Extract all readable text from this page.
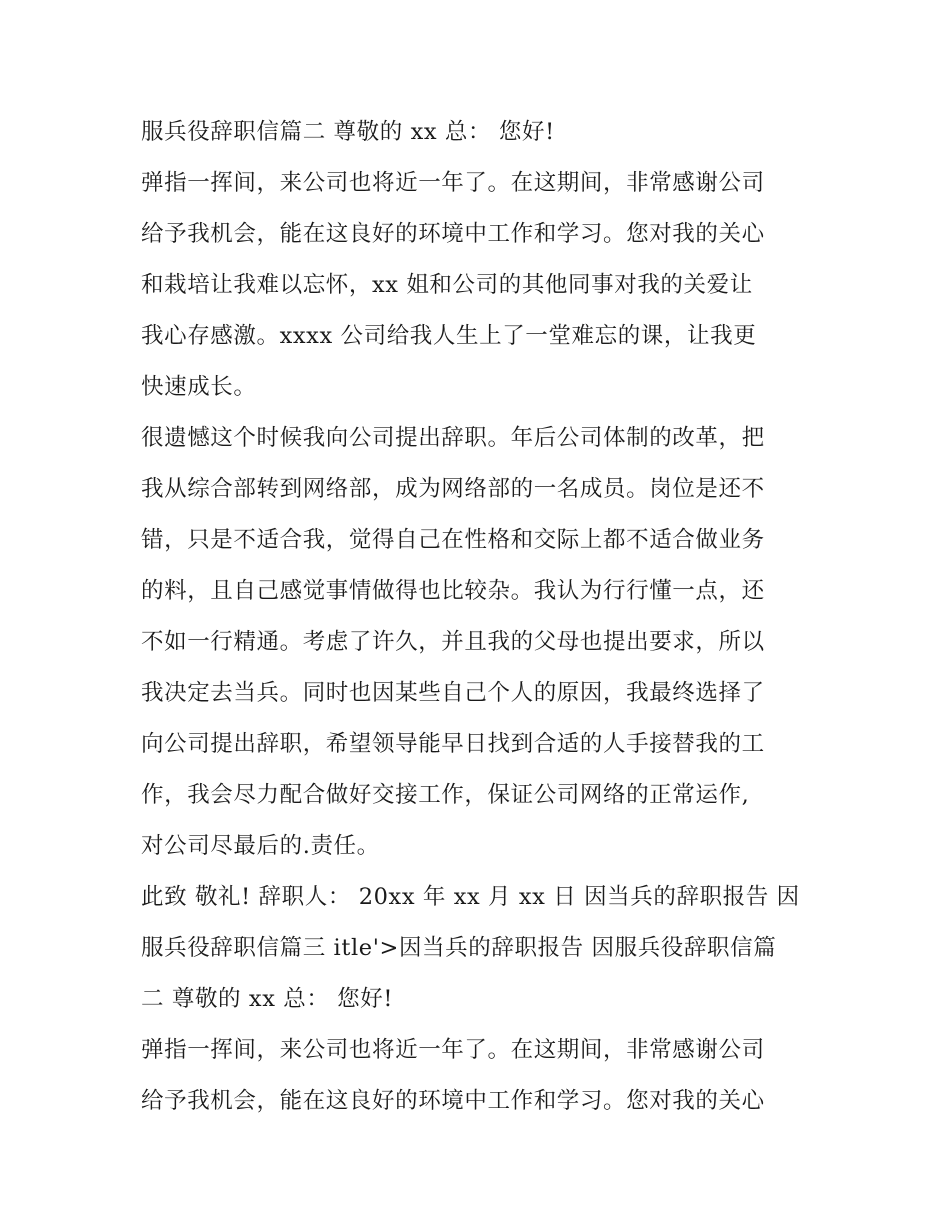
服兵役辞职信篇二 尊敬的 xx 总： 您好!
弹指一挥间，来公司也将近一年了。在这期间，非常感谢公司
给予我机会，能在这良好的环境中工作和学习。您对我的关心
和栽培让我难以忘怀，xx 姐和公司的其他同事对我的关爱让
我心存感激。xxxx 公司给我人生上了一堂难忘的课，让我更
快速成长。
很遗憾这个时候我向公司提出辞职。年后公司体制的改革，把
我从综合部转到网络部，成为网络部的一名成员。岗位是还不
错，只是不适合我，觉得自己在性格和交际上都不适合做业务
的料，且自己感觉事情做得也比较杂。我认为行行懂一点，还
不如一行精通。考虑了许久，并且我的父母也提出要求，所以
我决定去当兵。同时也因某些自己个人的原因，我最终选择了
向公司提出辞职，希望领导能早日找到合适的人手接替我的工
作，我会尽力配合做好交接工作，保证公司网络的正常运作,
对公司尽最后的.责任。
此致 敬礼! 辞职人： 20xx 年 xx 月 xx 日 因当兵的辞职报告 因
服兵役辞职信篇三 itle'>因当兵的辞职报告 因服兵役辞职信篇
二 尊敬的 xx 总： 您好!
弹指一挥间，来公司也将近一年了。在这期间，非常感谢公司
给予我机会，能在这良好的环境中工作和学习。您对我的关心
